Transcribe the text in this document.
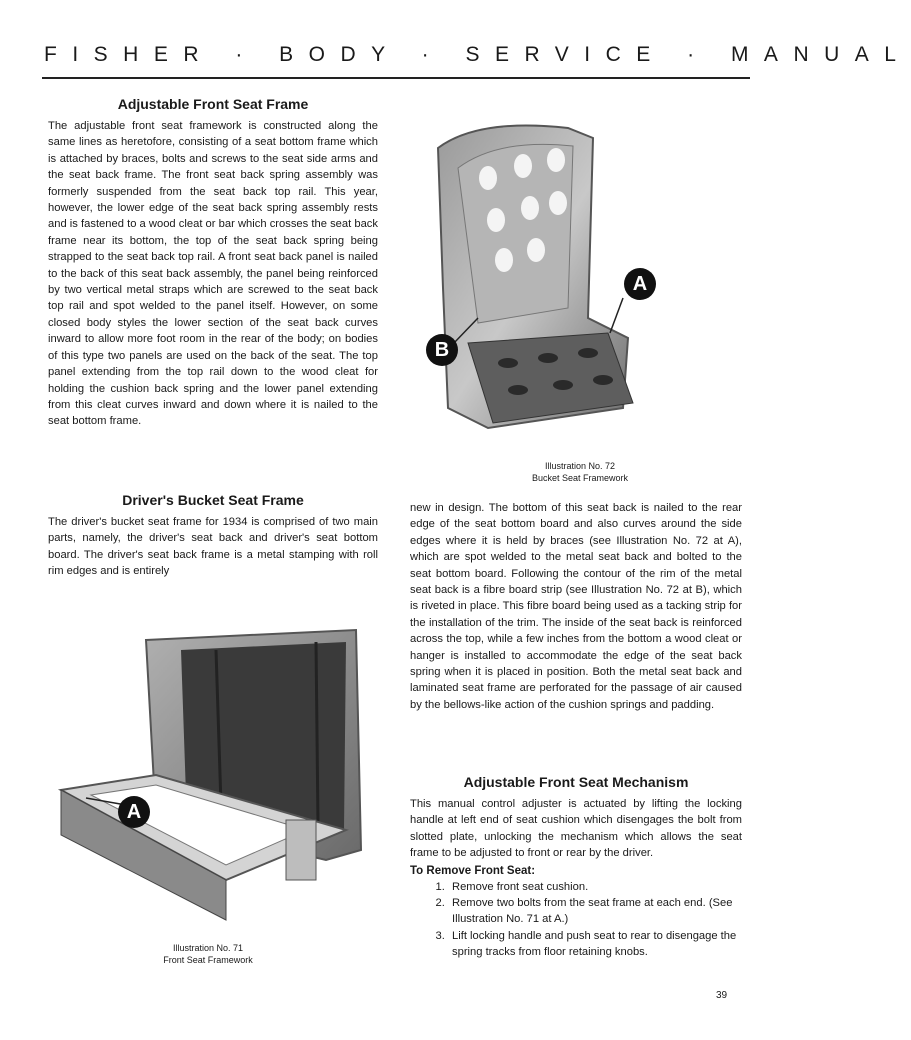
FISHER · BODY · SERVICE · MANUAL
Adjustable Front Seat Frame

The adjustable front seat framework is constructed along the same lines as heretofore, consisting of a seat bottom frame which is attached by braces, bolts and screws to the seat side arms and the seat back frame. The front seat back spring assembly was formerly suspended from the seat back top rail. This year, however, the lower edge of the seat back spring assembly rests and is fastened to a wood cleat or bar which crosses the seat back frame near its bottom, the top of the seat back spring being strapped to the seat back top rail. A front seat back panel is nailed to the back of this seat back assembly, the panel being reinforced by two vertical metal straps which are screwed to the seat back top rail and spot welded to the panel itself. However, on some closed body styles the lower section of the seat back curves inward to allow more foot room in the rear of the body; on bodies of this type two panels are used on the back of the seat. The top panel extending from the top rail down to the wood cleat for holding the cushion back spring and the lower panel extending from this cleat curves inward and down where it is nailed to the seat bottom frame.

A
B
Illustration No. 72
Bucket Seat Framework
Driver's Bucket Seat Frame

The driver's bucket seat frame for 1934 is comprised of two main parts, namely, the driver's seat back and driver's seat bottom board. The driver's seat back frame is a metal stamping with roll rim edges and is entirely

A
Illustration No. 71
Front Seat Framework

new in design. The bottom of this seat back is nailed to the rear edge of the seat bottom board and also curves around the side edges where it is held by braces (see Illustration No. 72 at A), which are spot welded to the metal seat back and bolted to the seat bottom board. Following the contour of the rim of the metal seat back is a fibre board strip (see Illustration No. 72 at B), which is riveted in place. This fibre board being used as a tacking strip for the installation of the trim. The inside of the seat back is reinforced across the top, while a few inches from the bottom a wood cleat or hanger is installed to accommodate the edge of the seat back spring when it is placed in position. Both the metal seat back and laminated seat frame are perforated for the passage of air caused by the bellows-like action of the cushion springs and padding.

Adjustable Front Seat Mechanism

This manual control adjuster is actuated by lifting the locking handle at left end of seat cushion which disengages the bolt from slotted plate, unlocking the mechanism which allows the seat frame to be adjusted to front or rear by the driver.

To Remove Front Seat:
1. Remove front seat cushion.
2. Remove two bolts from the seat frame at each end. (See Illustration No. 71 at A.)
3. Lift locking handle and push seat to rear to disengage the spring tracks from floor retaining knobs.
39
